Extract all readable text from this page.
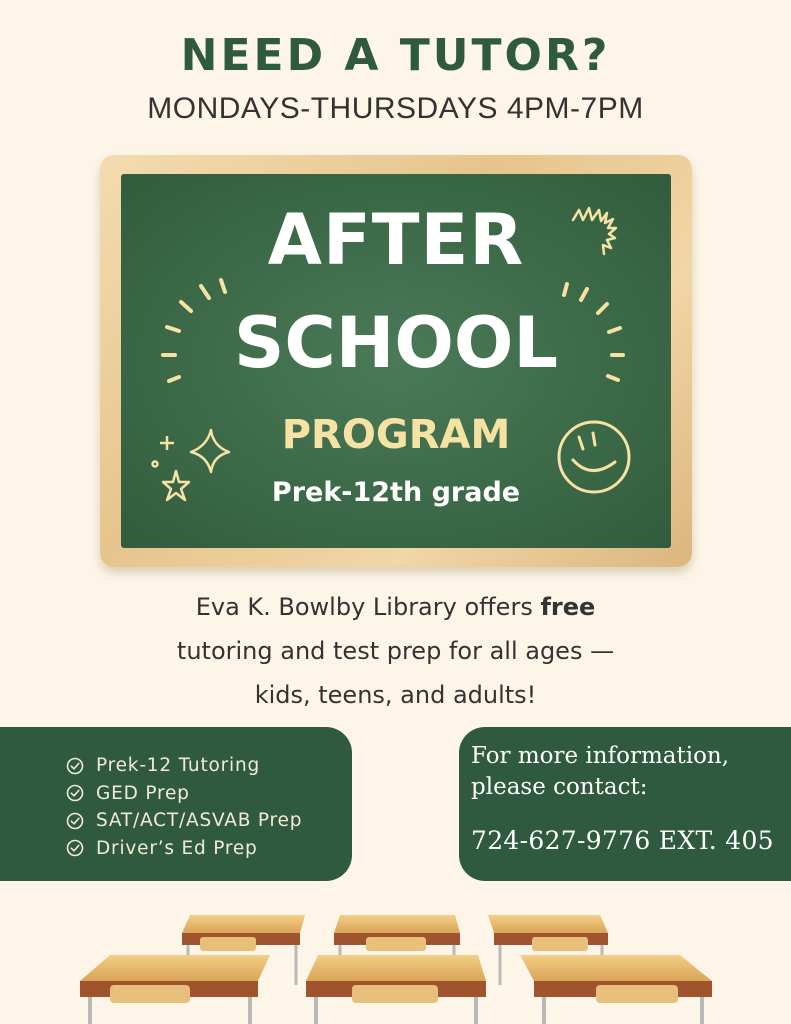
NEED A TUTOR?
MONDAYS-THURSDAYS 4PM-7PM
AFTER
SCHOOL
PROGRAM
Prek-12th grade
Eva K. Bowlby Library offers free
tutoring and test prep for all ages —
kids, teens, and adults!
Prek-12 Tutoring
GED Prep
SAT/ACT/ASVAB Prep
Driver’s Ed Prep
For more information,
please contact:
724-627-9776 EXT. 405
